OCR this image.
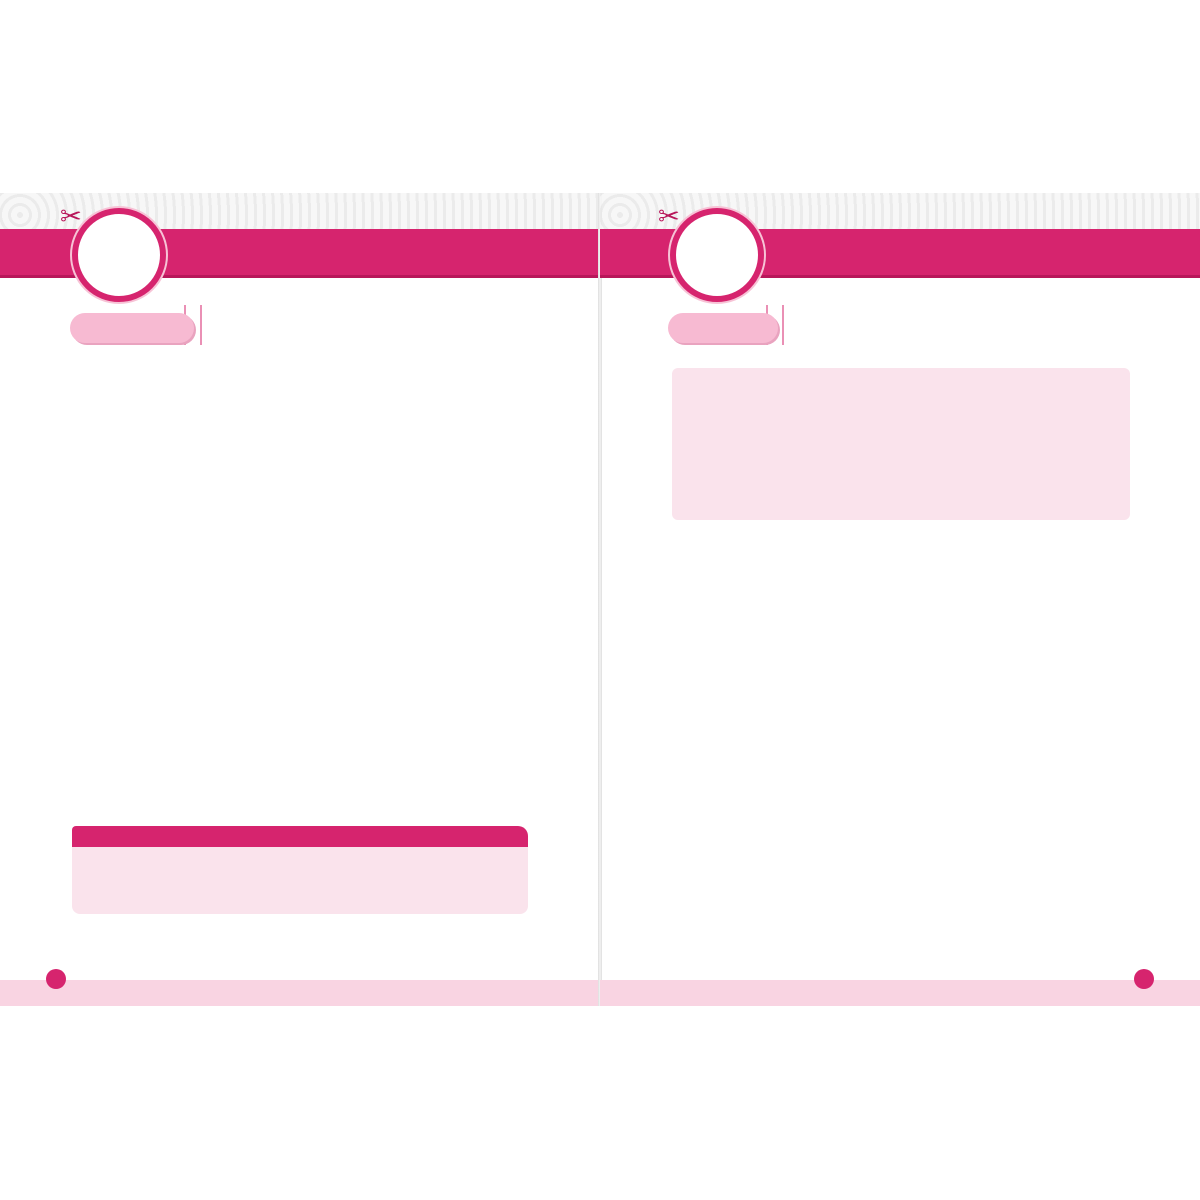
✂	✂
